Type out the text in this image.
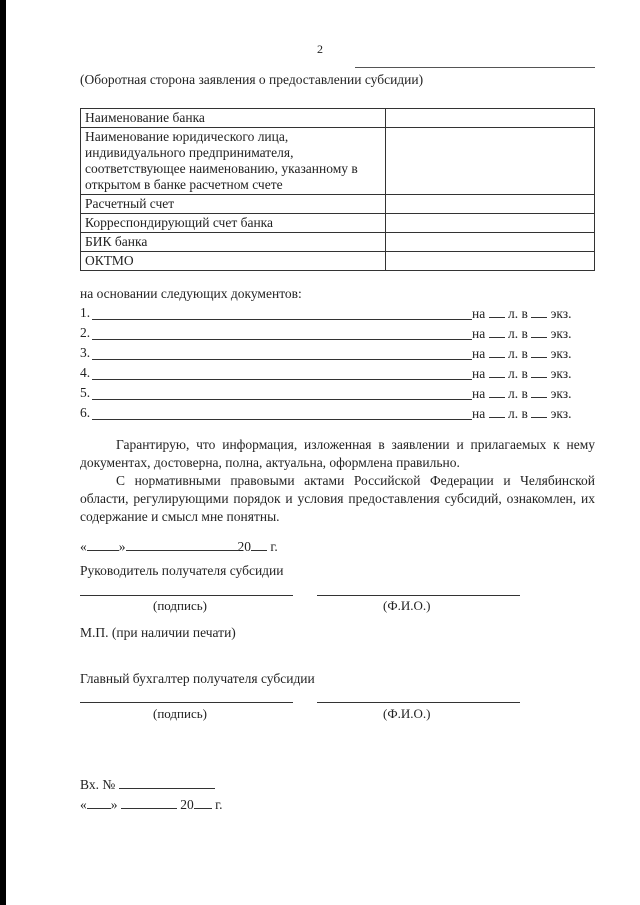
2
(Оборотная сторона заявления о предоставлении субсидии)
Наименование банка	
Наименование юридического лица, индивидуального предпринимателя, соответствующее наименованию, указанному в открытом в банке расчетном счете	
Расчетный счет	
Корреспондирующий счет банка	
БИК банка	
ОКТМО	
на основании следующих документов:
1.	на л. в экз.
2.	на л. в экз.
3.	на л. в экз.
4.	на л. в экз.
5.	на л. в экз.
6.	на л. в экз.
Гарантирую, что информация, изложенная в заявлении и прилагаемых к нему документах, достоверна, полна, актуальна, оформлена правильно.
С нормативными правовыми актами Российской Федерации и Челябинской области, регулирующими порядок и условия предоставления субсидий, ознакомлен, их содержание и смысл мне понятны.
« »	20 г.
Руководитель получателя субсидии
(подпись)	(Ф.И.О.)
М.П. (при наличии печати)
Главный бухгалтер получателя субсидии
(подпись)	(Ф.И.О.)
Вх. №
« »	20 г.
